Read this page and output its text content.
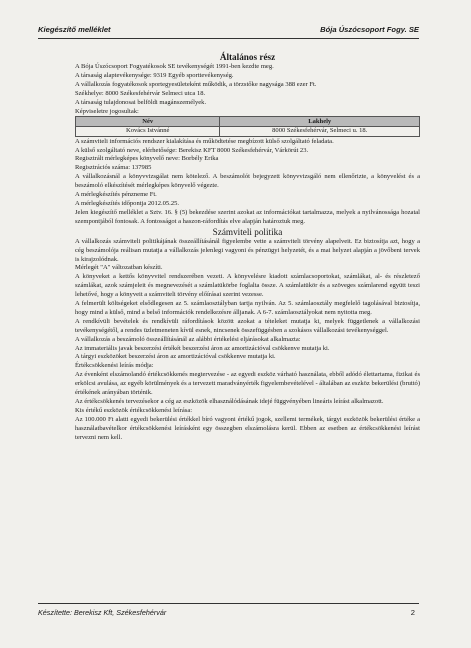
Kiegészítő melléklet	Bója Úszócsoport Fogy. SE

Általános rész

A Bója Úszócsoport Fogyatékosok SE tevékenységét 1991-ben kezdte meg.

A társaság alaptevékenysége: 9319 Egyéb sporttevékenység.

A vállalkozás fogyatékosok sportegyesületeként működik, a törzstőke nagysága 388 ezer Ft.

Székhelye: 8000 Székesfehérvár Selmeci utca 18.

A társaság tulajdonosai belföldi magánszemélyek.

Képviseletre jogosultak:

Név	Lakhely
Kovács Istvánné	8000 Székesfehérvár, Selmeci u. 18.

A számviteli információs rendszer kialakítása és működtetése megbízott külső szolgáltató feladata.

A külső szolgáltató neve, elérhetősége: Berekisz KFT 8000 Székesfehérvár, Várkörút 23.

Regisztrált mérlegképes könyvelő neve: Borbély Erika

Regisztrációs száma: 137985

A vállalkozásnál a könyvvizsgálat nem kötelező. A beszámolót bejegyzett könyvvizsgáló nem ellenőrizte, a könyvelést és a beszámoló elkészítését mérlegképes könyvelő végezte.

A mérlegkészítés pénzneme Ft.

A mérlegkészítés időpontja 2012.05.25.

Jelen kiegészítő melléklet a Sztv. 16. § (5) bekezdése szerint azokat az információkat tartalmazza, melyek a nyilvánossága hozatal szempontjából fontosak. A fontosságot a haszon-ráfordítás elve alapján határoztuk meg.

Számviteli politika

A vállalkozás számviteli politikájának összeállításánál figyelembe vette a számviteli törvény alapelveit. Ez biztosítja azt, hogy a cég beszámolója reálisan mutatja a vállalkozás jelenlegi vagyoni és pénzügyi helyzetét, és a mai helyzet alapján a jövőbeni tervek is kirajzolódnak.

Mérlegét "A" változatban készíti.

A könyveket a kettős könyvvitel rendszerében vezeti. A könyvelésre kiadott számlacsoportokat, számlákat, al- és részletező számlákat, azok számjeleit és megnevezését a számlatükörbe foglalta össze. A számlatükör és a szöveges számlarend együtt teszi lehetővé, hogy a könyveit a számviteli törvény előírásai szerint vezesse.

A felmerült költségeket elsődlegesen az 5. számlaosztályban tartja nyilván. Az 5. számlaosztály megfelelő tagolásával biztosítja, hogy mind a külső, mind a belső információk rendelkezésre álljanak. A 6-7. számlaosztályokat nem nyitotta meg.

A rendkívüli bevételek és rendkívüli ráfordítások között azokat a tételeket mutatja ki, melyek függetlenek a vállalkozási tevékenységétől, a rendes üzletmeneten kívül esnek, nincsenek összefüggésben a szokásos vállalkozási tevékenységgel.

A vállalkozás a beszámoló összeállításánál az alábbi értékelési eljárásokat alkalmazta:

Az immateriális javak beszerzési értékét beszerzési áron az amortizációval csökkenve mutatja ki.

A tárgyi eszközöket beszerzési áron az amortizációval csökkenve mutatja ki.

Értékcsökkenési leírás módja:

Az évenként elszámolandó értékcsökkenés megtervezése - az egyedi eszköz várható használata, ebből adódó élettartama, fizikai és erkölcsi avulása, az egyéb körülmények és a tervezett maradványérték figyelembevételével - általában az eszköz bekerülési (bruttó) értékének arányában történik.

Az értékcsökkenés tervezésekor a cég az eszközök elhasználódásának idejé függvényében lineáris leírást alkalmazott.

Kis értékű eszközök értékcsökkenési leírása:

Az 100.000 Ft alatti egyedi bekerülési értékkel bíró vagyoni értékű jogok, szellemi termékek, tárgyi eszközök bekerülési értéke a használatbavételkor értékcsökkenési leírásként egy összegben elszámolásra kerül. Ebben az esetben az értékcsökkenési leírást tervezni nem kell.

Készítette: Berekisz Kft, Székesfehérvár	2
